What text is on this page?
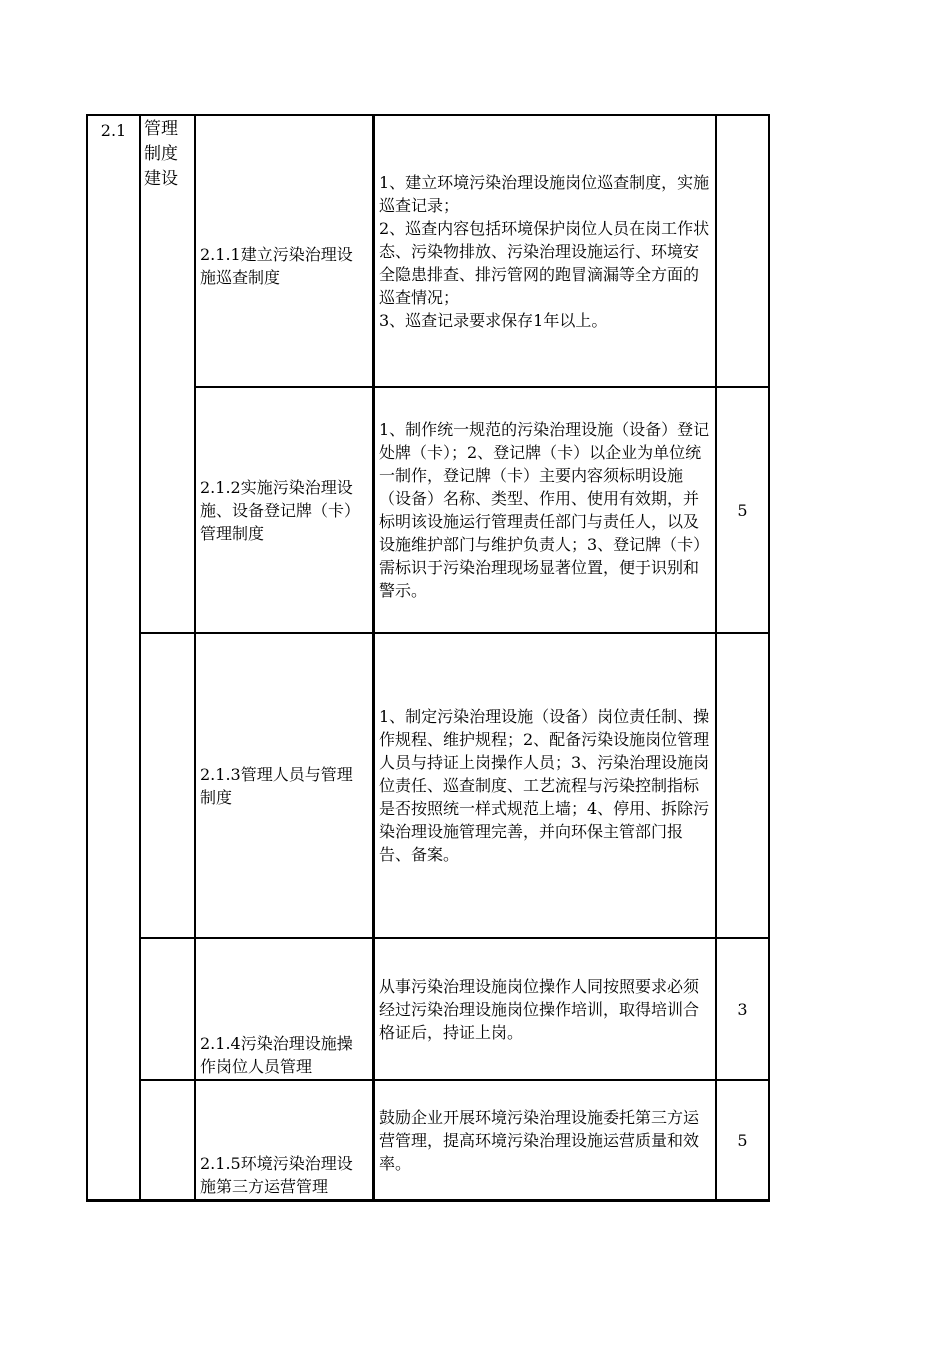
2.1	管理制度建设
2.1.1建立污染治理设施巡查制度
1、建立环境污染治理设施岗位巡查制度，实施巡查记录；
2、巡查内容包括环境保护岗位人员在岗工作状态、污染物排放、污染治理设施运行、环境安全隐患排查、排污管网的跑冒滴漏等全方面的巡查情况；
3、巡查记录要求保存1年以上。
2.1.2实施污染治理设施、设备登记牌（卡）管理制度
1、制作统一规范的污染治理设施（设备）登记处牌（卡）；2、登记牌（卡）以企业为单位统一制作，登记牌（卡）主要内容须标明设施（设备）名称、类型、作用、使用有效期，并标明该设施运行管理责任部门与责任人，以及设施维护部门与维护负责人；3、登记牌（卡）需标识于污染治理现场显著位置，便于识别和警示。
5
2.1.3管理人员与管理制度
1、制定污染治理设施（设备）岗位责任制、操作规程、维护规程；2、配备污染设施岗位管理人员与持证上岗操作人员；3、污染治理设施岗位责任、巡查制度、工艺流程与污染控制指标是否按照统一样式规范上墙；4、停用、拆除污染治理设施管理完善，并向环保主管部门报告、备案。
2.1.4污染治理设施操作岗位人员管理
从事污染治理设施岗位操作人同按照要求必须经过污染治理设施岗位操作培训，取得培训合格证后，持证上岗。
3
2.1.5环境污染治理设施第三方运营管理
鼓励企业开展环境污染治理设施委托第三方运营管理，提高环境污染治理设施运营质量和效率。
5
